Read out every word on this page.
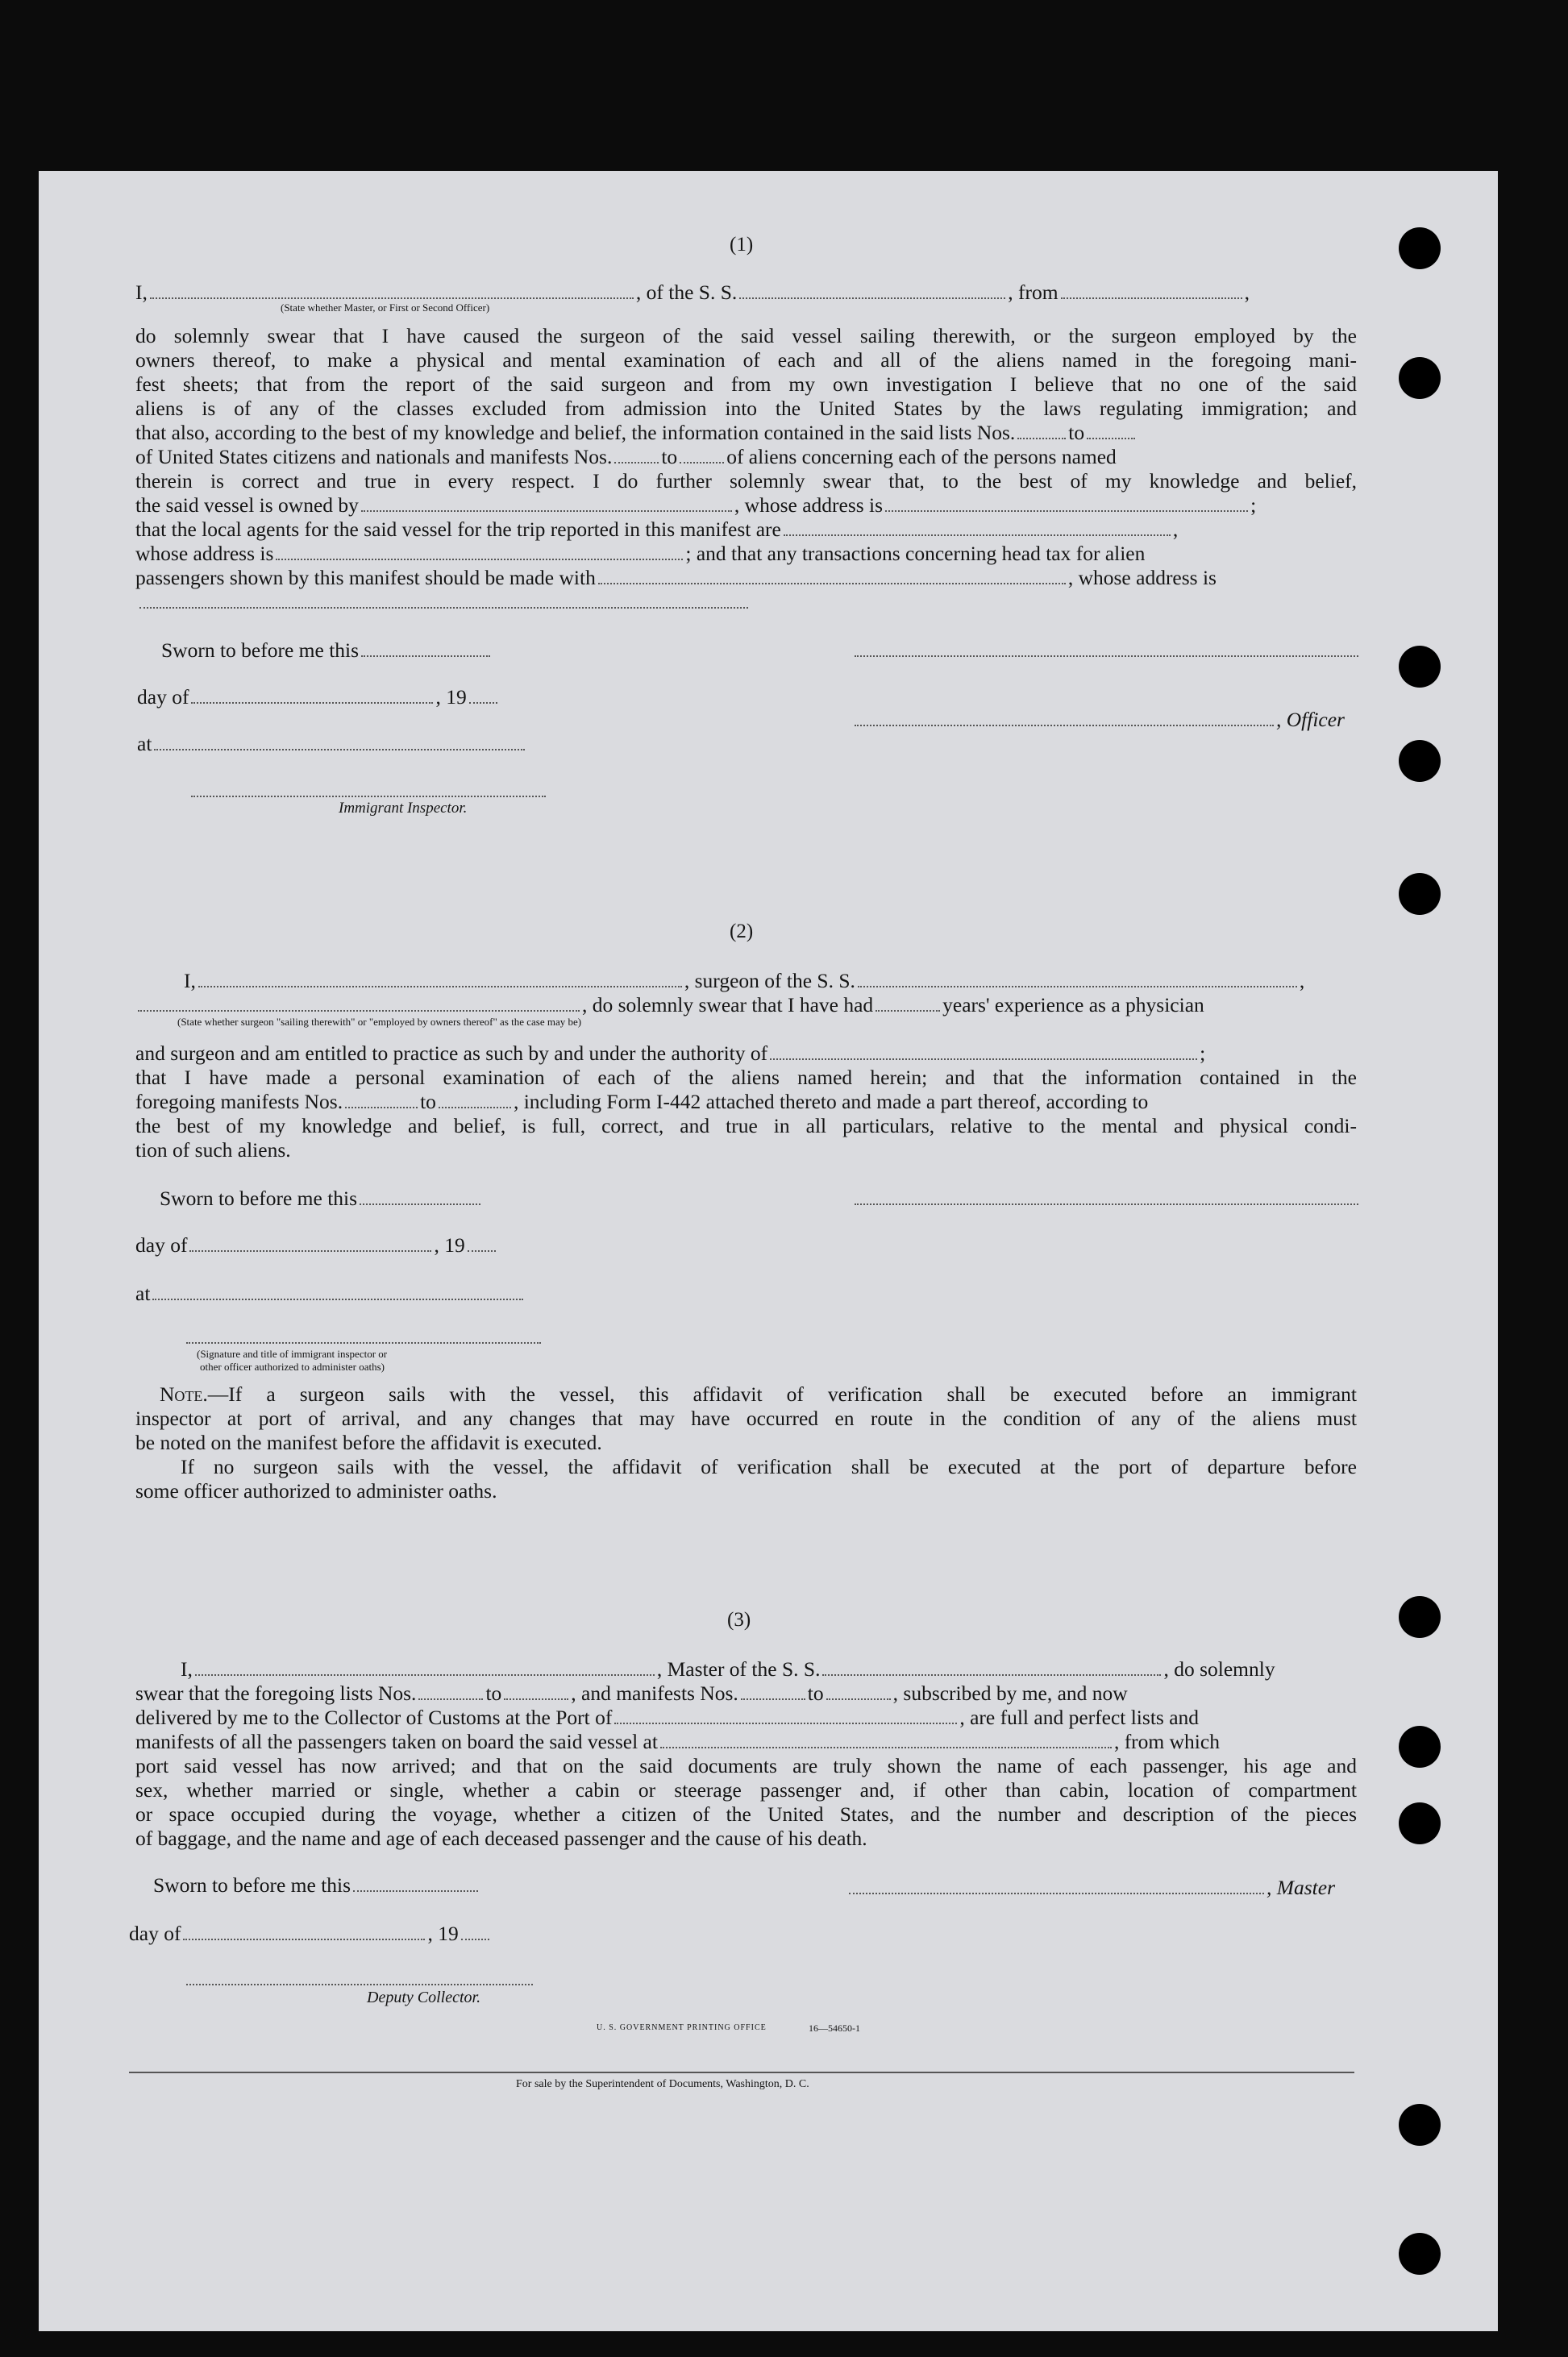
(1)
I,	, of the S. S.	, from	,
(State whether Master, or First or Second Officer)
do solemnly swear that I have caused the surgeon of the said vessel sailing therewith, or the surgeon employed by the
owners thereof, to make a physical and mental examination of each and all of the aliens named in the foregoing mani-
fest sheets; that from the report of the said surgeon and from my own investigation I believe that no one of the said
aliens is of any of the classes excluded from admission into the United States by the laws regulating immigration; and
that also, according to the best of my knowledge and belief, the information contained in the said lists Nos.	to
of United States citizens and nationals and manifests Nos. to of aliens concerning each of the persons named
therein is correct and true in every respect. I do further solemnly swear that, to the best of my knowledge and belief,
the said vessel is owned by	, whose address is	;
that the local agents for the said vessel for the trip reported in this manifest are	,
whose address is	; and that any transactions concerning head tax for alien
passengers shown by this manifest should be made with	, whose address is
Sworn to before me this
day of	, 19
, Officer
at
Immigrant Inspector.
(2)
I,	, surgeon of the S. S.	,
, do solemnly swear that I have had	years' experience as a physician
(State whether surgeon "sailing therewith" or "employed by owners thereof" as the case may be)
and surgeon and am entitled to practice as such by and under the authority of	;
that I have made a personal examination of each of the aliens named herein; and that the information contained in the
foregoing manifests Nos.	to	, including Form I-442 attached thereto and made a part thereof, according to
the best of my knowledge and belief, is full, correct, and true in all particulars, relative to the mental and physical condi-
tion of such aliens.
Sworn to before me this
day of	, 19
at
(Signature and title of immigrant inspector or
other officer authorized to administer oaths)
Note.—If a surgeon sails with the vessel, this affidavit of verification shall be executed before an immigrant
inspector at port of arrival, and any changes that may have occurred en route in the condition of any of the aliens must
be noted on the manifest before the affidavit is executed.
If no surgeon sails with the vessel, the affidavit of verification shall be executed at the port of departure before
some officer authorized to administer oaths.
(3)
I,	, Master of the S. S.	, do solemnly
swear that the foregoing lists Nos.	to	, and manifests Nos.	to	, subscribed by me, and now
delivered by me to the Collector of Customs at the Port of	, are full and perfect lists and
manifests of all the passengers taken on board the said vessel at	, from which
port said vessel has now arrived; and that on the said documents are truly shown the name of each passenger, his age and
sex, whether married or single, whether a cabin or steerage passenger and, if other than cabin, location of compartment
or space occupied during the voyage, whether a citizen of the United States, and the number and description of the pieces
of baggage, and the name and age of each deceased passenger and the cause of his death.
Sworn to before me this	, Master
day of	, 19
Deputy Collector.
U. S. GOVERNMENT PRINTING OFFICE	16—54650-1
For sale by the Superintendent of Documents, Washington, D. C.
